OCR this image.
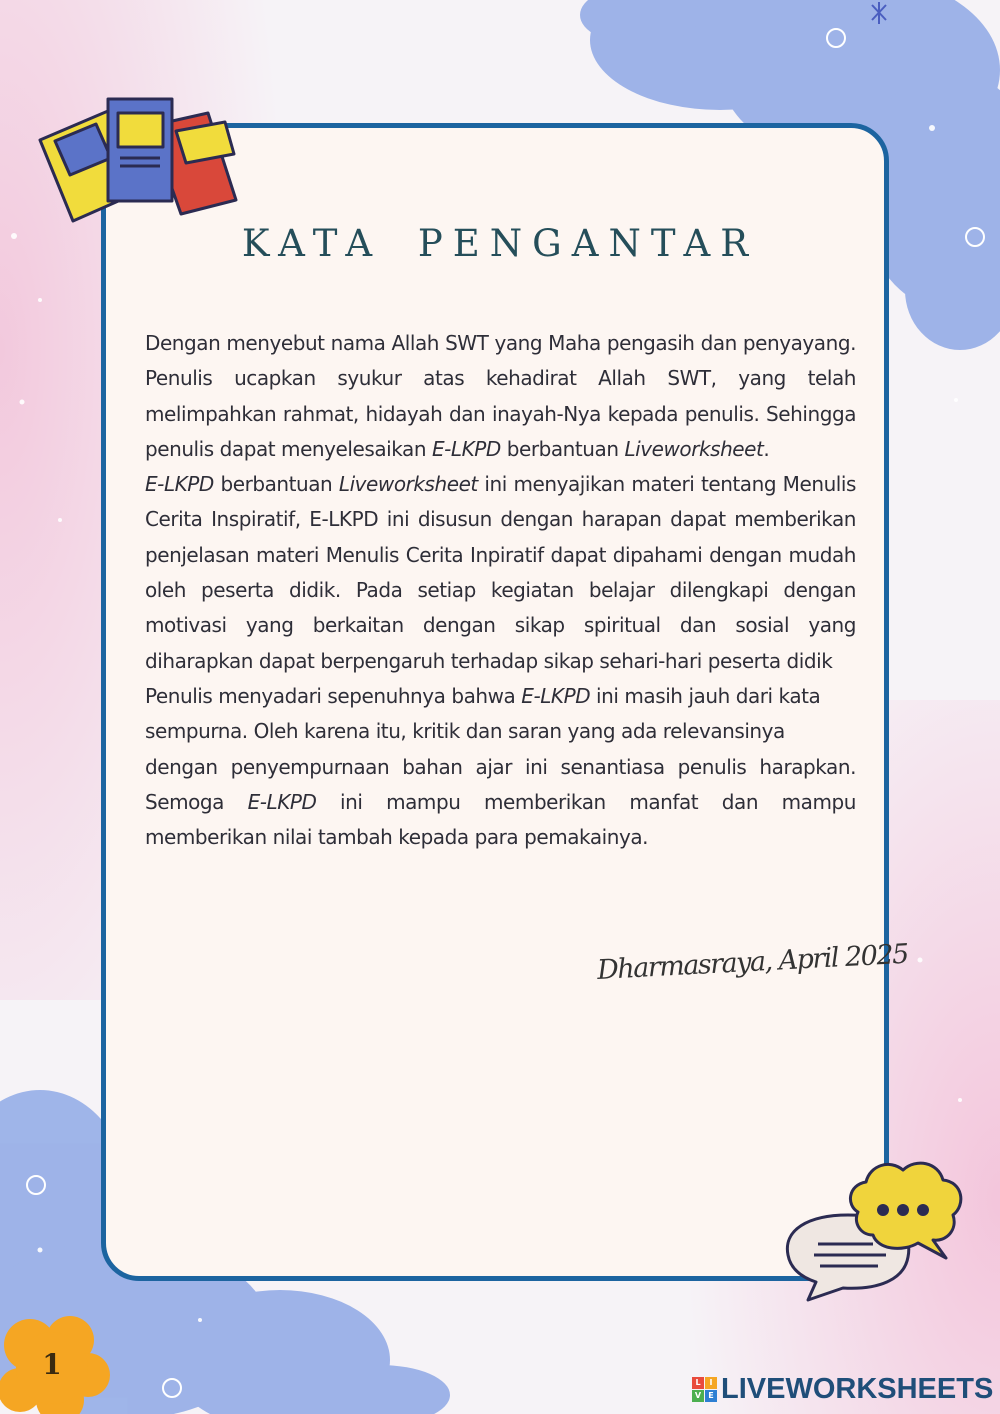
KATA PENGANTAR

Dengan menyebut nama Allah SWT yang Maha pengasih dan penyayang. Penulis ucapkan syukur atas kehadirat Allah SWT, yang telah melimpahkan rahmat, hidayah dan inayah-Nya kepada penulis. Sehingga penulis dapat menyelesaikan E-LKPD berbantuan Liveworksheet.

E-LKPD berbantuan Liveworksheet ini menyajikan materi tentang Menulis Cerita Inspiratif, E-LKPD ini disusun dengan harapan dapat memberikan penjelasan materi Menulis Cerita Inpiratif dapat dipahami dengan mudah oleh peserta didik. Pada setiap kegiatan belajar dilengkapi dengan motivasi yang berkaitan dengan sikap spiritual dan sosial yang diharapkan dapat berpengaruh terhadap sikap sehari-hari peserta didik

Penulis menyadari sepenuhnya bahwa E-LKPD ini masih jauh dari kata sempurna. Oleh karena itu, kritik dan saran yang ada relevansinya

dengan penyempurnaan bahan ajar ini senantiasa penulis harapkan. Semoga E-LKPD ini mampu memberikan manfat dan mampu memberikan nilai tambah kepada para pemakainya.

Dharmasraya, April 2025
1
L	I
V E LIVEWORKSHEETS
